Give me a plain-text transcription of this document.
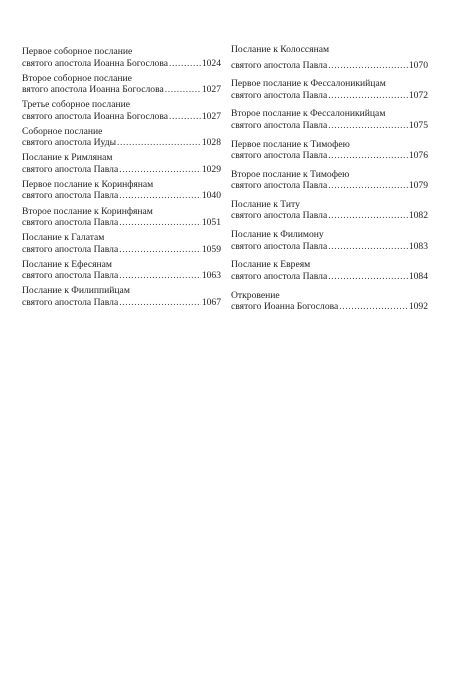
Первое соборное послание
святого апостола Иоанна Богослова .....	1024
Второе соборное послание
вятого апостола Иоанна Богослова .....	1027
Третье соборное послание
святого апостола Иоанна Богослова .....	1027
Соборное послание
святого апостола Иуды .....	1028
Послание к Римлянам
святого апостола Павла .....	1029
Первое послание к Коринфянам
святого апостола Павла .....	1040
Второе послание к Коринфянам
святого апостола Павла .....	1051
Послание к Галатам
святого апостола Павла .....	1059
Послание к Ефесянам
святого апостола Павла .....	1063
Послание к Филиппийцам
святого апостола Павла .....	1067
Послание к Колоссянам
святого апостола Павла .....	1070
Первое послание к Фессалоникийцам
святого апостола Павла .....	1072
Второе послание к Фессалоникийцам
святого апостола Павла .....	1075
Первое послание к Тимофею
святого апостола Павла .....	1076
Второе послание к Тимофею
святого апостола Павла .....	1079
Послание к Титу
святого апостола Павла .....	1082
Послание к Филимону
святого апостола Павла .....	1083
Послание к Евреям
святого апостола Павла .....	1084
Откровение
святого Иоанна Богослова .....	1092
